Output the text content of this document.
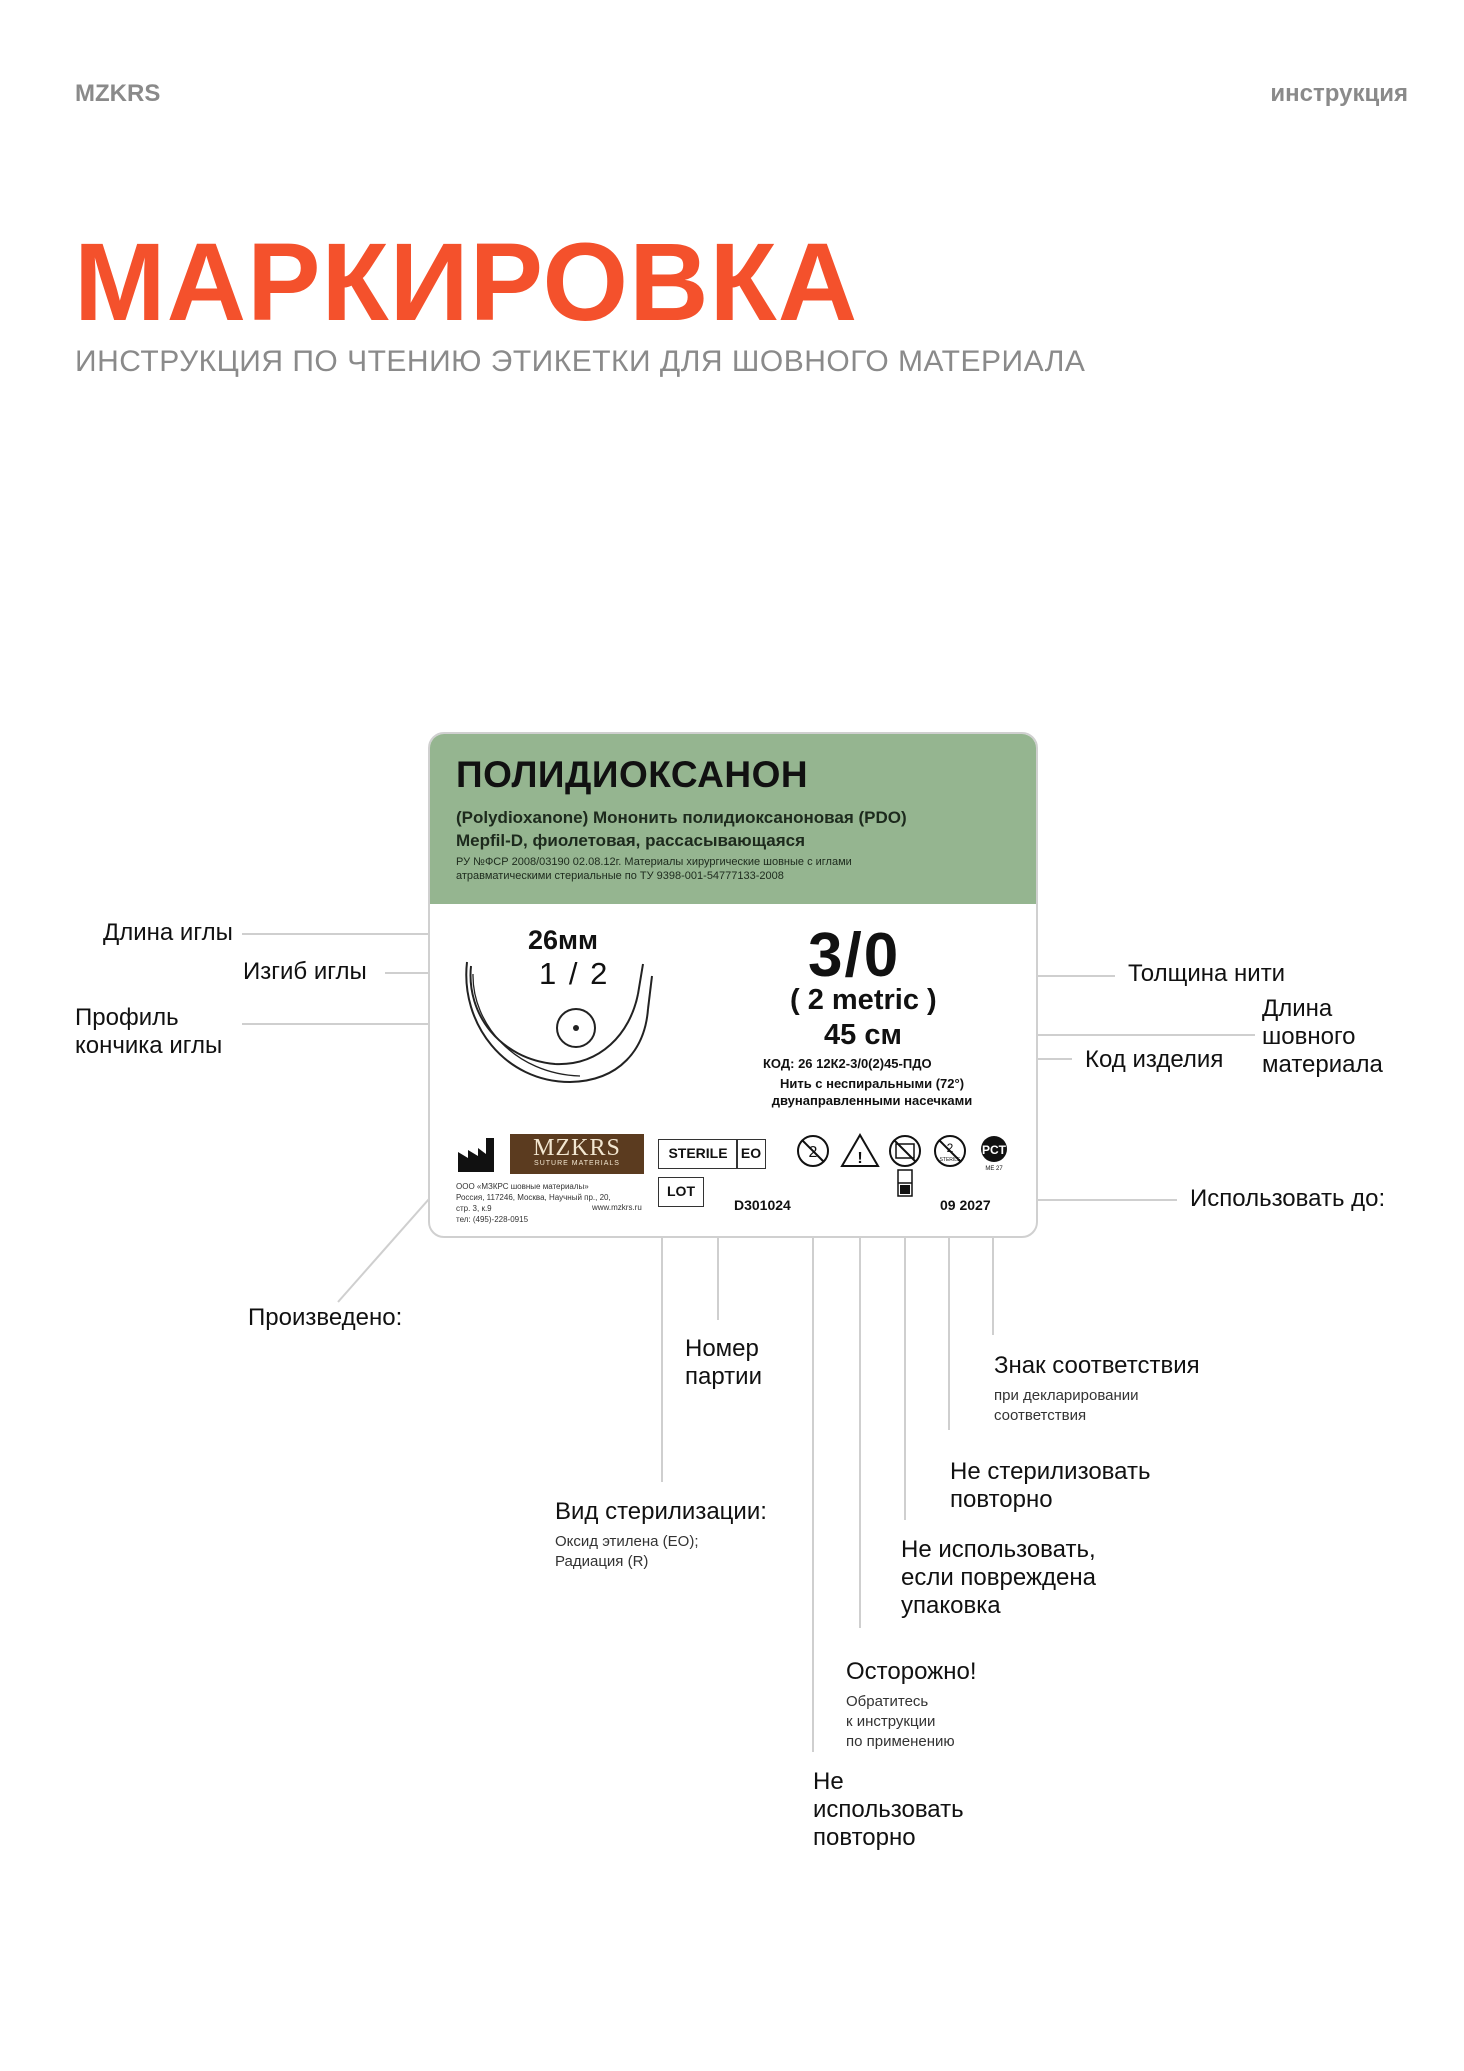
MZKRS	инструкция
МАРКИРОВКА
ИНСТРУКЦИЯ ПО ЧТЕНИЮ ЭТИКЕТКИ ДЛЯ ШОВНОГО МАТЕРИАЛА
ПОЛИДИОКСАНОН
(Polydioxanone) Мононить полидиоксаноновая (PDO)
Mepfil-D, фиолетовая, рассасывающаяся
РУ №ФСР 2008/03190 02.08.12г. Материалы хирургические шовные с иглами
атравматическими стериальные по ТУ 9398-001-54777133-2008
26мм
1 / 2	3/0
( 2 metric )
45 см
КОД: 26 12К2-3/0(2)45-ПДО
Нить с неспиральными (72°)
двунаправленными насечками
MZKRS
SUTURE MATERIALS
ООО «МЗКРС шовные материалы»
Россия, 117246, Москва, Научный пр., 20, стр. 3, к.9
тел: (495)-228-0915
www.mzkrs.ru
STERILE EO
LOT
D301024	09 2027
2 !
2
STERILE
PCT
ME 27
Длина иглы
Изгиб иглы
Профиль
кончика иглы
Толщина нити
Длина
шовного
материала
Код изделия
Использовать до:
Произведено:
Номер
партии	Знак соответствия
при декларировании
соответствия
Не стерилизовать
повторно
Вид стерилизации:
Оксид этилена (EO);
Радиация (R)	Не использовать,
если повреждена
упаковка
Осторожно!
Обратитесь
к инструкции
по применению
Не
использовать
повторно
